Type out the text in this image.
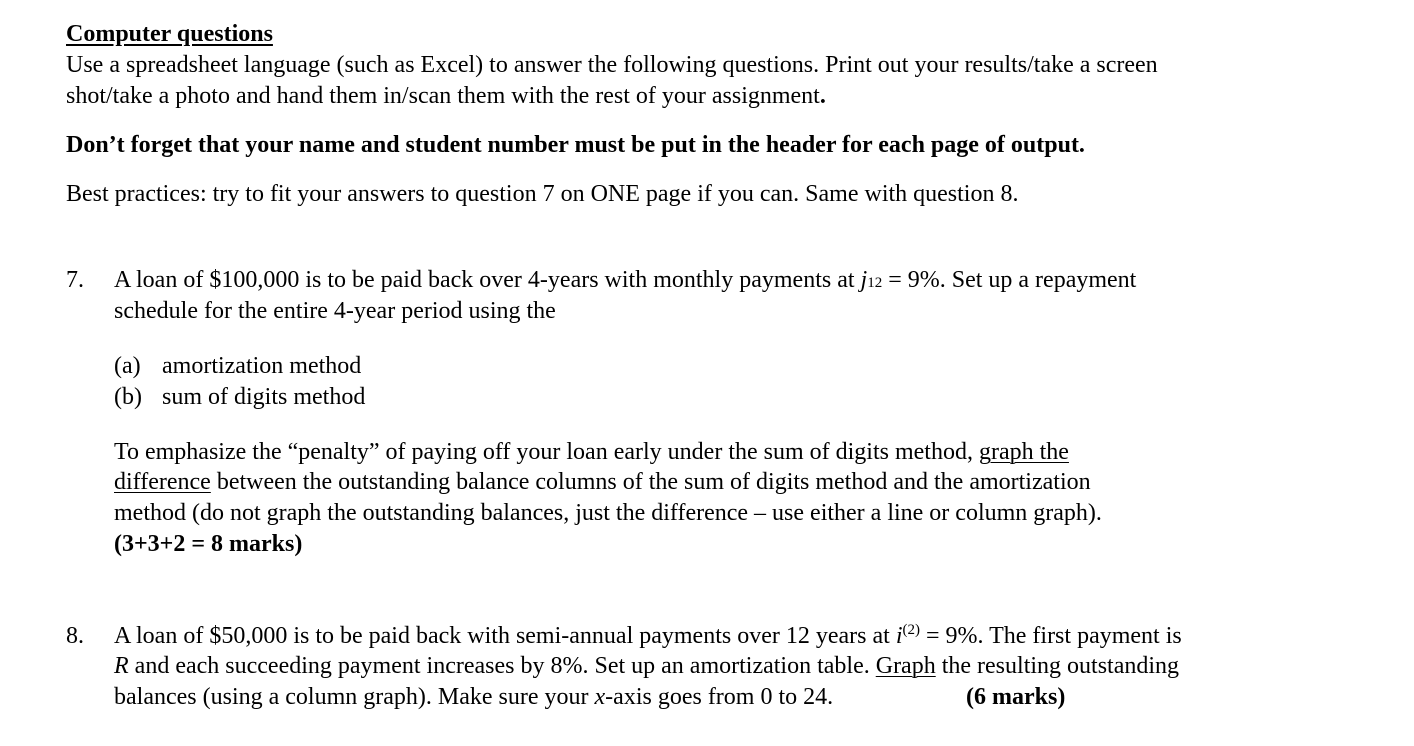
Computer questions
Use a spreadsheet language (such as Excel) to answer the following questions. Print out your results/take a screen
shot/take a photo and hand them in/scan them with the rest of your assignment.
Don’t forget that your name and student number must be put in the header for each page of output.
Best practices: try to fit your answers to question 7 on ONE page if you can. Same with question 8.
7. A loan of $100,000 is to be paid back over 4-years with monthly payments at j12 = 9%. Set up a repayment
schedule for the entire 4-year period using the
(a) amortization method
(b) sum of digits method
To emphasize the “penalty” of paying off your loan early under the sum of digits method, graph the
difference between the outstanding balance columns of the sum of digits method and the amortization
method (do not graph the outstanding balances, just the difference – use either a line or column graph).
(3+3+2 = 8 marks)
8. A loan of $50,000 is to be paid back with semi-annual payments over 12 years at $i^{(2)} = 9\%$. The first payment is
R and each succeeding payment increases by 8%. Set up an amortization table. Graph the resulting outstanding
balances (using a column graph). Make sure your x-axis goes from 0 to 24.	(6 marks)
